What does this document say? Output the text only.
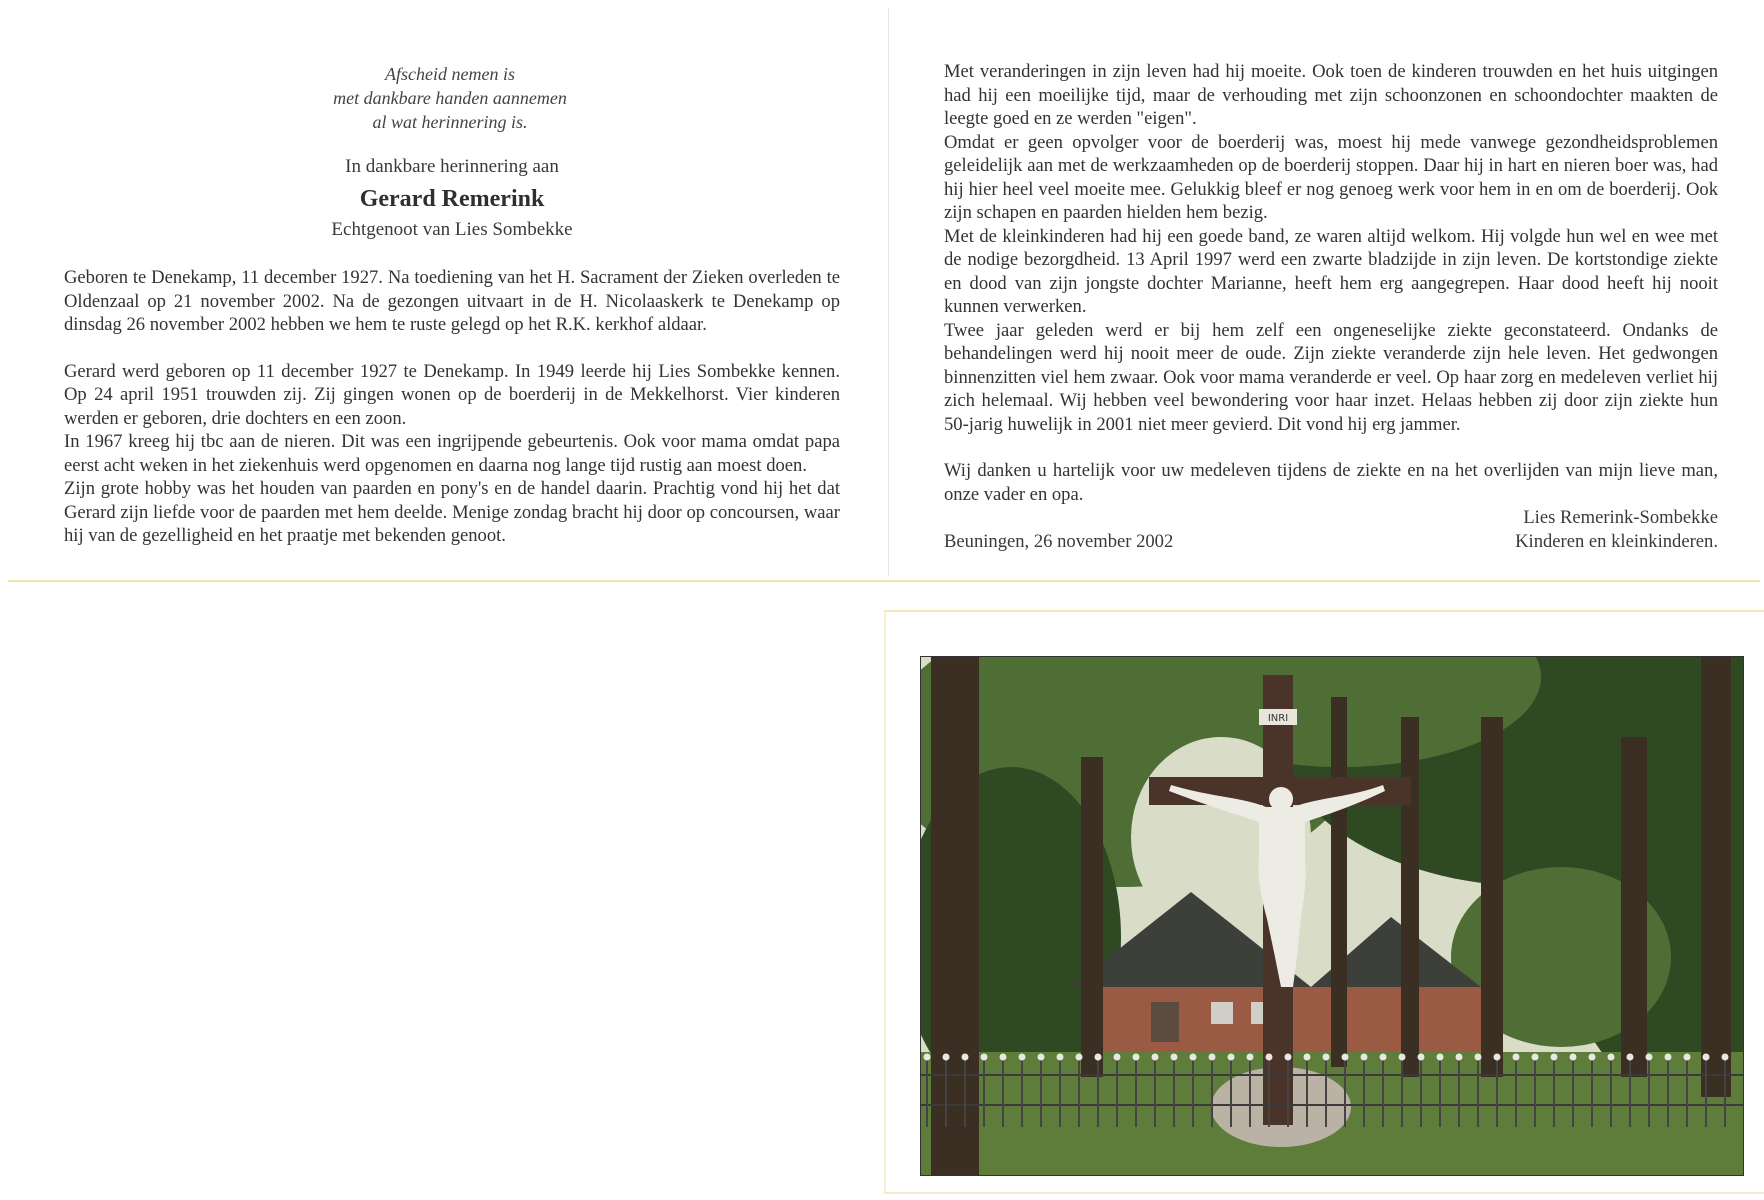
Afscheid nemen is
met dankbare handen aannemen
al wat herinnering is.
In dankbare herinnering aan
Gerard Remerink
Echtgenoot van Lies Sombekke

Geboren te Denekamp, 11 december 1927. Na toediening van het H. Sacrament der Zieken overleden te Oldenzaal op 21 november 2002. Na de gezongen uitvaart in de H. Nicolaaskerk te Denekamp op dinsdag 26 november 2002 hebben we hem te ruste gelegd op het R.K. kerkhof aldaar.

Gerard werd geboren op 11 december 1927 te Denekamp. In 1949 leerde hij Lies Sombekke kennen. Op 24 april 1951 trouwden zij. Zij gingen wonen op de boerderij in de Mekkelhorst. Vier kinderen werden er geboren, drie dochters en een zoon.

In 1967 kreeg hij tbc aan de nieren. Dit was een ingrijpende gebeurtenis. Ook voor mama omdat papa eerst acht weken in het ziekenhuis werd opgenomen en daarna nog lange tijd rustig aan moest doen.

Zijn grote hobby was het houden van paarden en pony's en de handel daarin. Prachtig vond hij het dat Gerard zijn liefde voor de paarden met hem deelde. Menige zondag bracht hij door op concoursen, waar hij van de gezelligheid en het praatje met bekenden genoot.

Met veranderingen in zijn leven had hij moeite. Ook toen de kinderen trouwden en het huis uitgingen had hij een moeilijke tijd, maar de verhouding met zijn schoonzonen en schoondochter maakten de leegte goed en ze werden "eigen".

Omdat er geen opvolger voor de boerderij was, moest hij mede vanwege gezondheidsproblemen geleidelijk aan met de werkzaamheden op de boerderij stoppen. Daar hij in hart en nieren boer was, had hij hier heel veel moeite mee. Gelukkig bleef er nog genoeg werk voor hem in en om de boerderij. Ook zijn schapen en paarden hielden hem bezig.

Met de kleinkinderen had hij een goede band, ze waren altijd welkom. Hij volgde hun wel en wee met de nodige bezorgdheid. 13 April 1997 werd een zwarte bladzijde in zijn leven. De kortstondige ziekte en dood van zijn jongste dochter Marianne, heeft hem erg aangegrepen. Haar dood heeft hij nooit kunnen verwerken.

Twee jaar geleden werd er bij hem zelf een ongeneselijke ziekte geconstateerd. Ondanks de behandelingen werd hij nooit meer de oude. Zijn ziekte veranderde zijn hele leven. Het gedwongen binnenzitten viel hem zwaar. Ook voor mama veranderde er veel. Op haar zorg en medeleven verliet hij zich helemaal. Wij hebben veel bewondering voor haar inzet. Helaas hebben zij door zijn ziekte hun 50-jarig huwelijk in 2001 niet meer gevierd. Dit vond hij erg jammer.

Wij danken u hartelijk voor uw medeleven tijdens de ziekte en na het overlijden van mijn lieve man, onze vader en opa.

Beuningen, 26 november 2002
Lies Remerink-Sombekke
Kinderen en kleinkinderen.
INRI
